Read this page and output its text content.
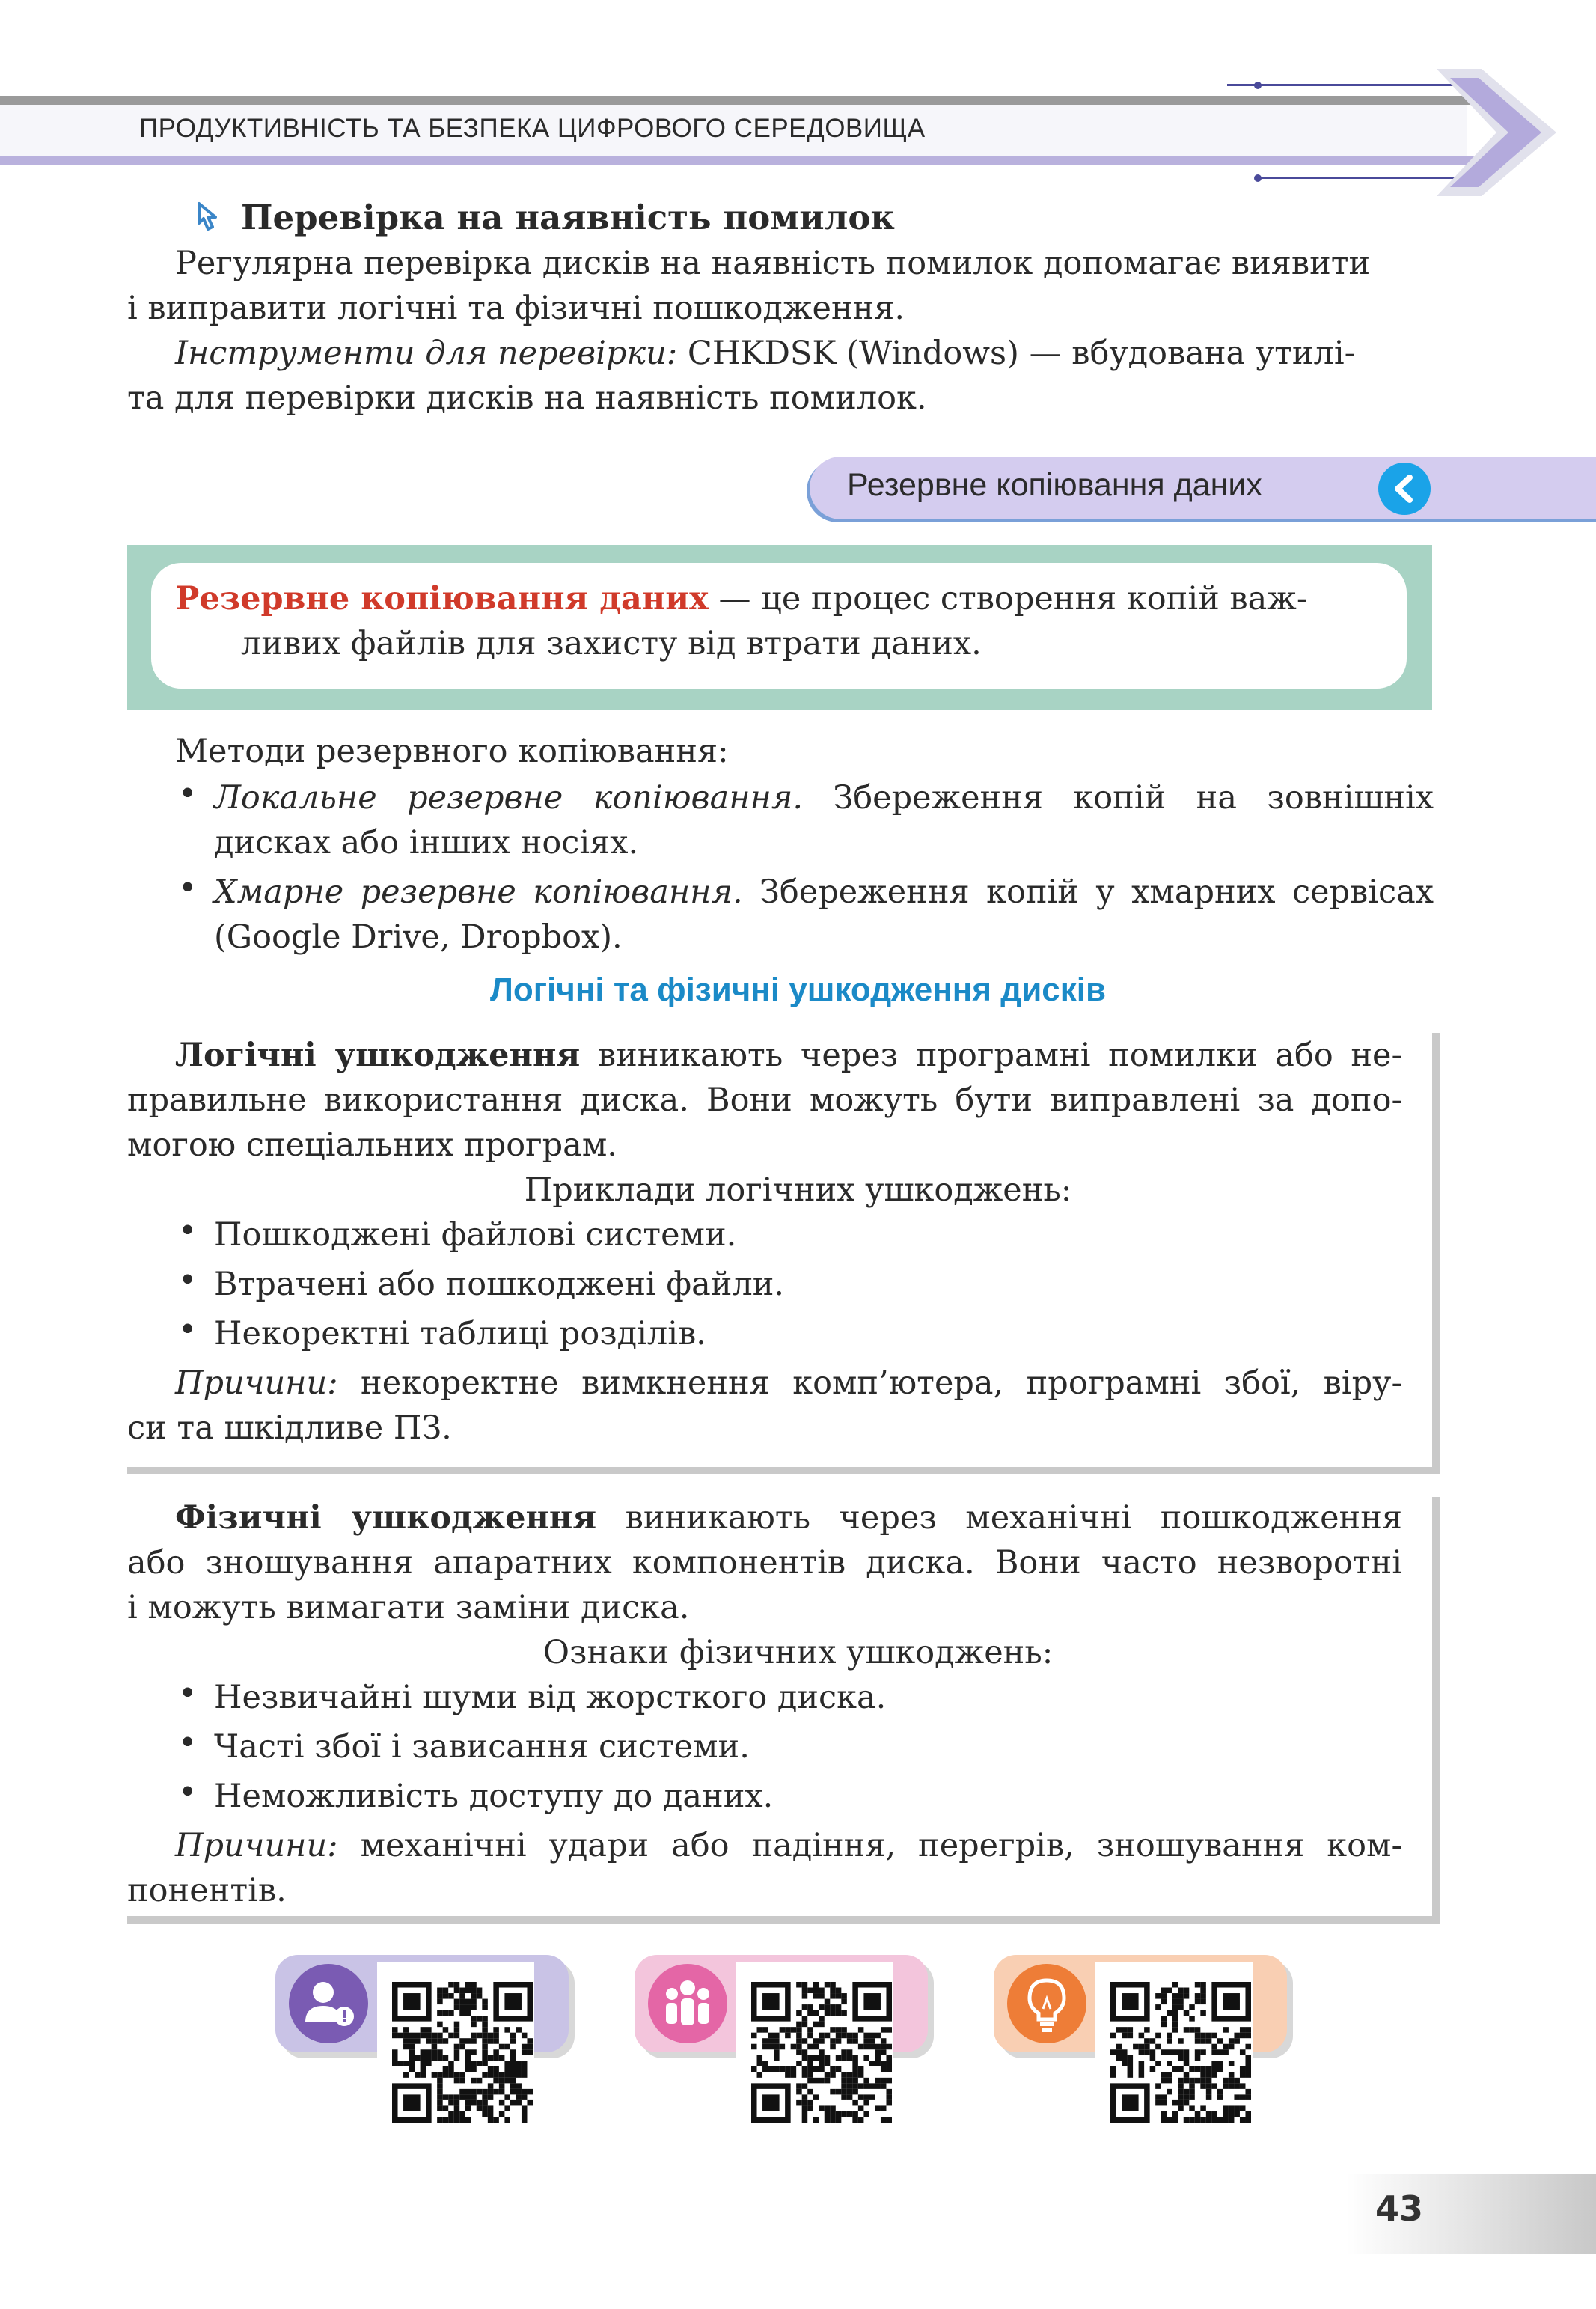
ПРОДУКТИВНІСТЬ ТА БЕЗПЕКА ЦИФРОВОГО СЕРЕДОВИЩА
Перевірка на наявність помилок
Регулярна перевірка дисків на наявність помилок допомагає виявити
і виправити логічні та фізичні пошкодження.
Інструменти для перевірки: CHKDSK (Windows) — вбудована утилі-
та для перевірки дисків на наявність помилок.
Резервне копіювання даних
Резервне копіювання даних — це процес створення копій важ-
ливих файлів для захисту від втрати даних.
Методи резервного копіювання:
• Локальне резервне копіювання. Збереження копій на зовнішніх
дисках або інших носіях.
• Хмарне резервне копіювання. Збереження копій у хмарних сервісах
(Google Drive, Dropbox).
Логічні та фізичні ушкодження дисків
Логічні ушкодження виникають через програмні помилки або не-
правильне використання диска. Вони можуть бути виправлені за допо-
могою спеціальних програм.
Приклади логічних ушкоджень:
• Пошкоджені файлові системи.
• Втрачені або пошкоджені файли.
• Некоректні таблиці розділів.
Причини: некоректне вимкнення комп’ютера, програмні збої, віру-
си та шкідливе ПЗ.
Фізичні ушкодження виникають через механічні пошкодження
або зношування апаратних компонентів диска. Вони часто незворотні
і можуть вимагати заміни диска.
Ознаки фізичних ушкоджень:
• Незвичайні шуми від жорсткого диска.
• Часті збої і зависання системи.
• Неможливість доступу до даних.
Причини: механічні удари або падіння, перегрів, зношування ком-
понентів.
43
